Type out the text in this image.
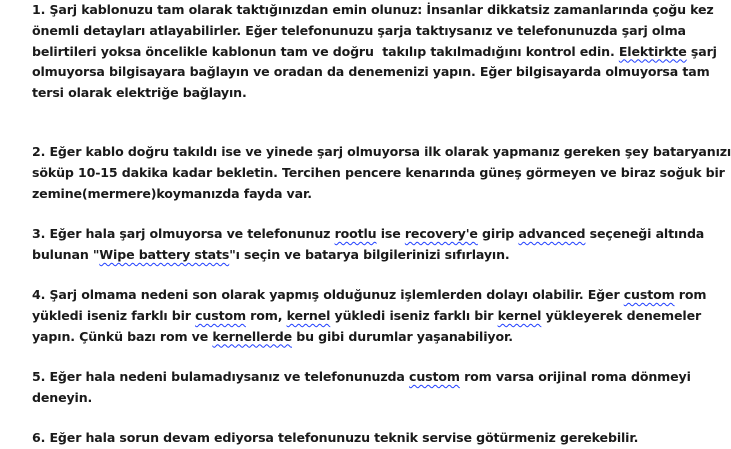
1. Şarj kablonuzu tam olarak taktığınızdan emin olunuz: İnsanlar dikkatsiz zamanlarında çoğu kez
önemli detayları atlayabilirler. Eğer telefonunuzu şarja taktıysanız ve telefonunuzda şarj olma
belirtileri yoksa öncelikle kablonun tam ve doğru  takılıp takılmadığını kontrol edin. Elektirkte şarj
olmuyorsa bilgisayara bağlayın ve oradan da denemenizi yapın. Eğer bilgisayarda olmuyorsa tam
tersi olarak elektriğe bağlayın.
2. Eğer kablo doğru takıldı ise ve yinede şarj olmuyorsa ilk olarak yapmanız gereken şey bataryanızı
söküp 10-15 dakika kadar bekletin. Tercihen pencere kenarında güneş görmeyen ve biraz soğuk bir
zemine(mermere)koymanızda fayda var.
3. Eğer hala şarj olmuyorsa ve telefonunuz rootlu ise recovery'e girip advanced seçeneği altında
bulunan "Wipe battery stats"ı seçin ve batarya bilgilerinizi sıfırlayın.
4. Şarj olmama nedeni son olarak yapmış olduğunuz işlemlerden dolayı olabilir. Eğer custom rom
yükledi iseniz farklı bir custom rom, kernel yükledi iseniz farklı bir kernel yükleyerek denemeler
yapın. Çünkü bazı rom ve kernellerde bu gibi durumlar yaşanabiliyor.
5. Eğer hala nedeni bulamadıysanız ve telefonunuzda custom rom varsa orijinal roma dönmeyi
deneyin.
6. Eğer hala sorun devam ediyorsa telefonunuzu teknik servise götürmeniz gerekebilir.
